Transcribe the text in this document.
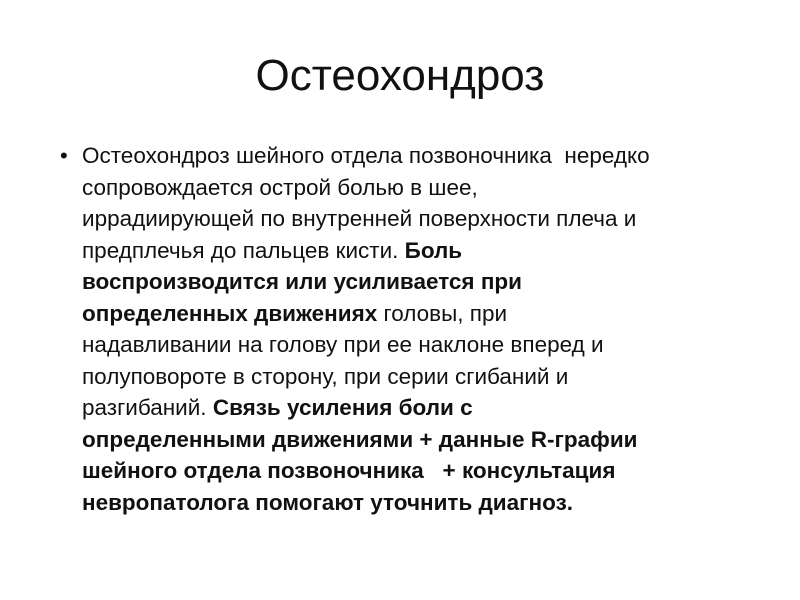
Остеохондроз
• Остеохондроз шейного отдела позвоночника  нередко
сопровождается острой болью в шее,
иррадиирующей по внутренней поверхности плеча и
предплечья до пальцев кисти. Боль
воспроизводится или усиливается при
определенных движениях головы, при
надавливании на голову при ее наклоне вперед и
полуповороте в сторону, при серии сгибаний и
разгибаний. Связь усиления боли с
определенными движениями + данные R-графии
шейного отдела позвоночника   + консультация
невропатолога помогают уточнить диагноз.
